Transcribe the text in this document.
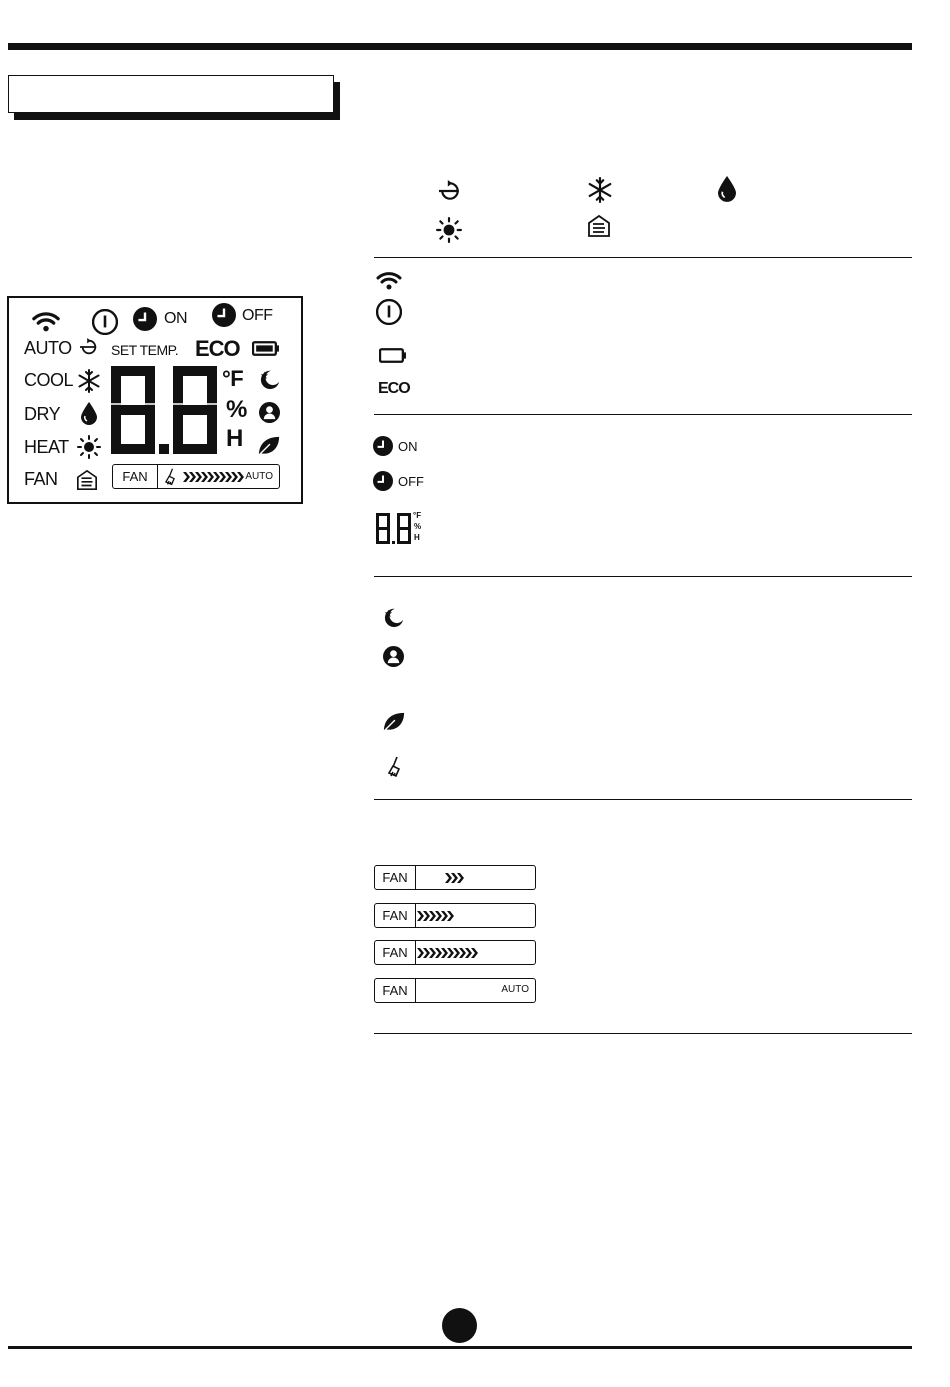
ECO
ON
OFF
°F
%
H
FAN
FAN
FAN
FAN	AUTO
ON	OFF
AUTO	SET TEMP. ECO
COOL
DRY
HEAT
FAN
°F
%
H
FAN	AUTO
